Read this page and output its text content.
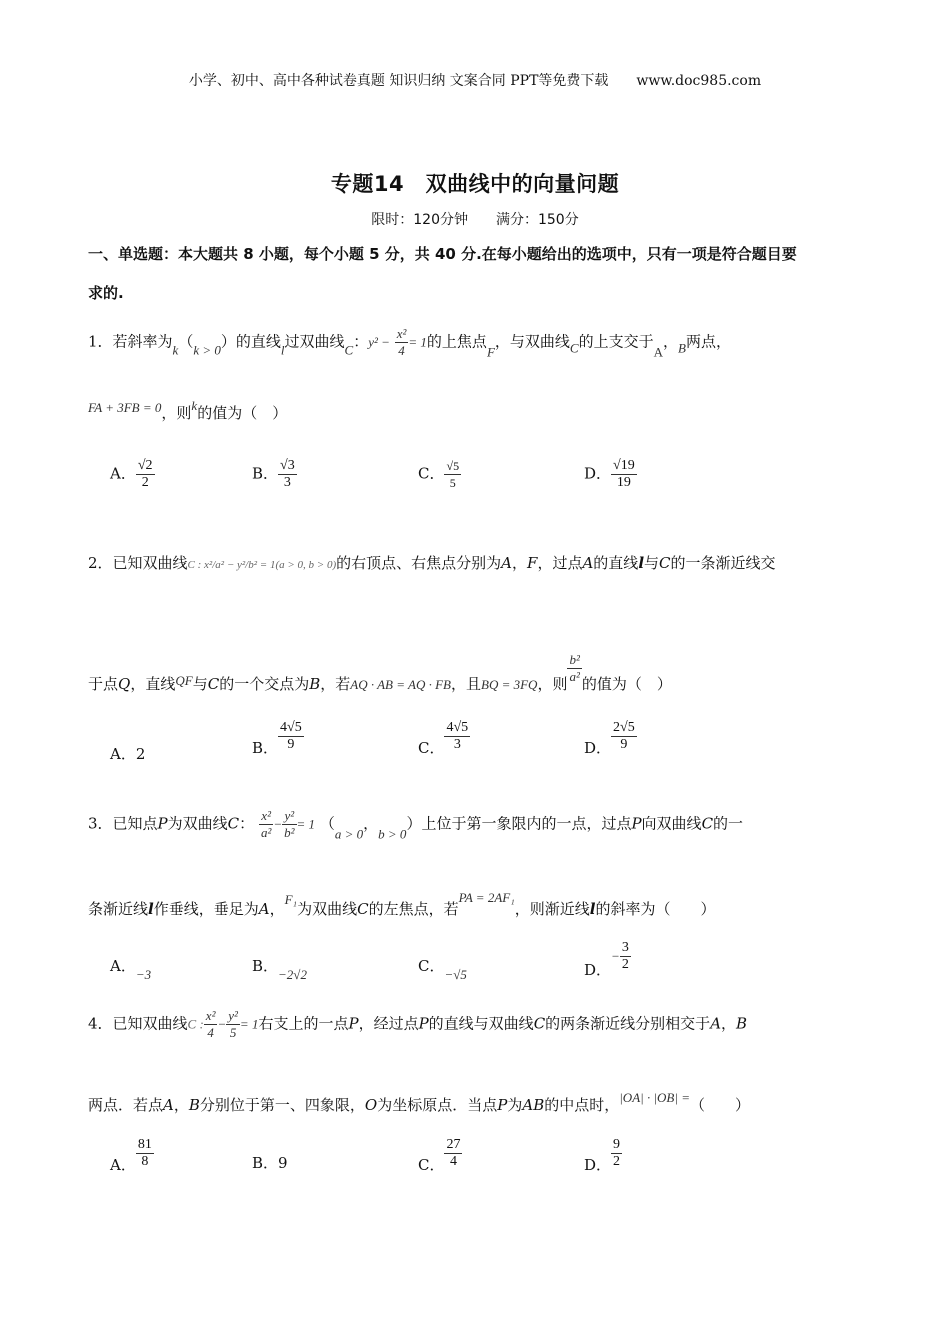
小学、初中、高中各种试卷真题 知识归纳 文案合同 PPT等免费下载　　www.doc985.com
专题14　双曲线中的向量问题
限时：120分钟　　满分：150分
一、单选题：本大题共 8 小题，每个小题 5 分，共 40 分.在每小题给出的选项中，只有一项是符合题目要
求的.
1．若斜率为k（k > 0）的直线l过双曲线C：$y^2 - \frac{\text{x²}}{4} = 1$的上焦点F，与双曲线C的上支交于A，B两点，
FA + 3FB = 0，则k的值为（　）
A． $\frac{√2}{2}$	B． $\frac{√3}{3}$	C． $\frac{√5}{5}$	D． $\frac{√19}{19}$
2．已知双曲线C : x²/a² − y²/b² = 1(a > 0, b > 0)的右顶点、右焦点分别为A，F，过点A的直线l与C的一条渐近线交
于点Q，直线QF与C的一个交点为B，若AQ · AB = AQ · FB，且BQ = 3FQ，则 $\frac{\text{b²}}{\text{a²}}$ 的值为（　）
A．2	B． $\frac{4√5}{9}$	C． $\frac{4√5}{3}$	D． $\frac{2√5}{9}$
3．已知点P为双曲线C： $\frac{\text{x²}}{\text{a²}} - \frac{\text{y²}}{\text{b²}} = 1$ （a > 0，b > 0）上位于第一象限内的一点，过点P向双曲线C的一
条渐近线l作垂线，垂足为A，F₁为双曲线C的左焦点，若PA = 2AF₁，则渐近线l的斜率为（　　）
A．−3	B．−2√2	C．−√5	D．− $\frac{3}{2}$
4．已知双曲线C : $\frac{\text{x²}}{4} - \frac{\text{y²}}{5} = 1$右支上的一点P，经过点P的直线与双曲线C的两条渐近线分别相交于A，B
两点．若点A，B分别位于第一、四象限，O为坐标原点．当点P为AB的中点时，|OA| · |OB| =（　　）
A． $\frac{81}{8}$	B．9	C． $\frac{27}{4}$	D． $\frac{9}{2}$
